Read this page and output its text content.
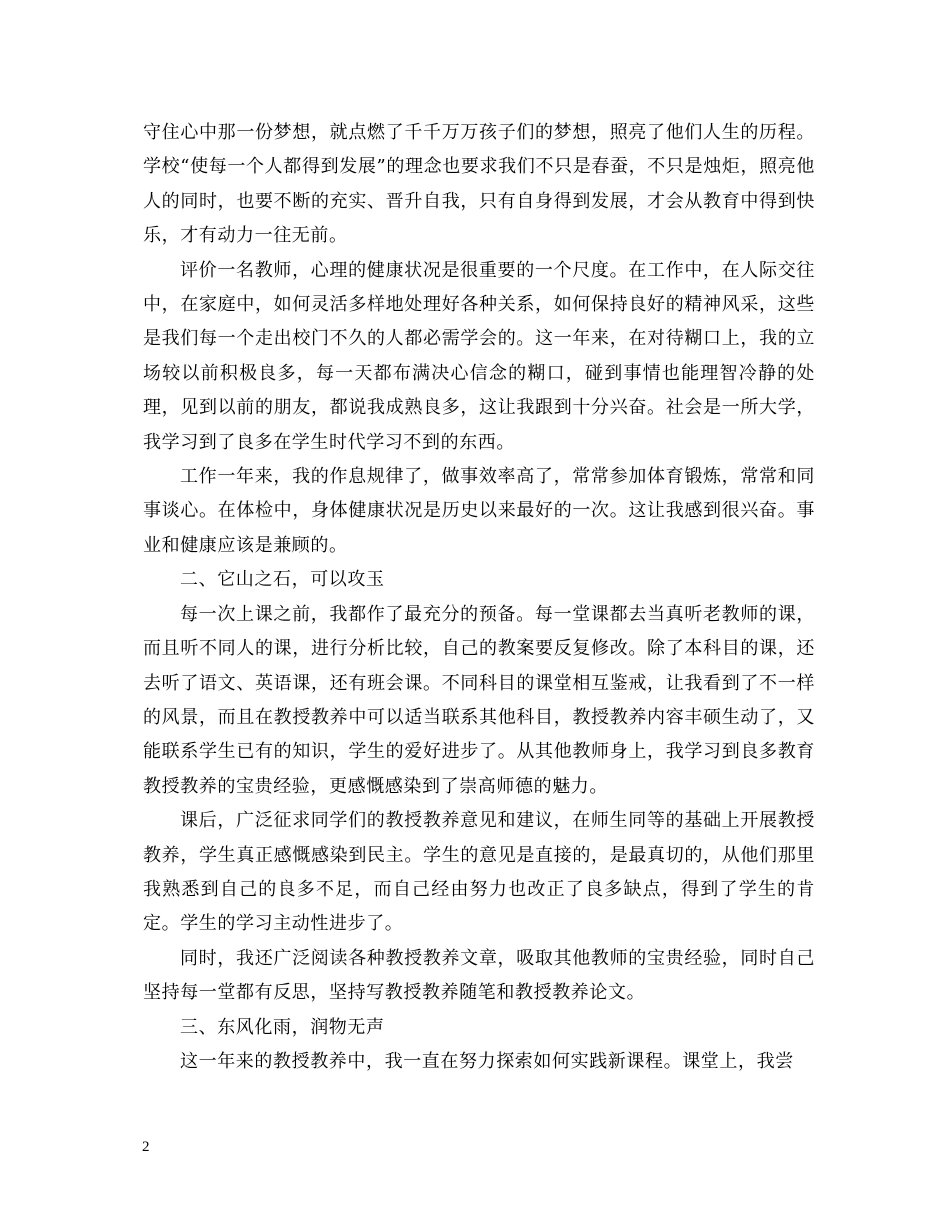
守住心中那一份梦想，就点燃了千千万万孩子们的梦想，照亮了他们人生的历程。学校“使每一个人都得到发展”的理念也要求我们不只是春蚕，不只是烛炬，照亮他人的同时，也要不断的充实、晋升自我，只有自身得到发展，才会从教育中得到快乐，才有动力一往无前。

评价一名教师，心理的健康状况是很重要的一个尺度。在工作中，在人际交往中，在家庭中，如何灵活多样地处理好各种关系，如何保持良好的精神风采，这些是我们每一个走出校门不久的人都必需学会的。这一年来，在对待糊口上，我的立场较以前积极良多，每一天都布满决心信念的糊口，碰到事情也能理智冷静的处理，见到以前的朋友，都说我成熟良多，这让我跟到十分兴奋。社会是一所大学，我学习到了良多在学生时代学习不到的东西。

工作一年来，我的作息规律了，做事效率高了，常常参加体育锻炼，常常和同事谈心。在体检中，身体健康状况是历史以来最好的一次。这让我感到很兴奋。事业和健康应该是兼顾的。

二、它山之石，可以攻玉

每一次上课之前，我都作了最充分的预备。每一堂课都去当真听老教师的课，而且听不同人的课，进行分析比较，自己的教案要反复修改。除了本科目的课，还去听了语文、英语课，还有班会课。不同科目的课堂相互鉴戒，让我看到了不一样的风景，而且在教授教养中可以适当联系其他科目，教授教养内容丰硕生动了，又能联系学生已有的知识，学生的爱好进步了。从其他教师身上，我学习到良多教育教授教养的宝贵经验，更感慨感染到了崇高师德的魅力。

课后，广泛征求同学们的教授教养意见和建议，在师生同等的基础上开展教授教养，学生真正感慨感染到民主。学生的意见是直接的，是最真切的，从他们那里我熟悉到自己的良多不足，而自己经由努力也改正了良多缺点，得到了学生的肯定。学生的学习主动性进步了。

同时，我还广泛阅读各种教授教养文章，吸取其他教师的宝贵经验，同时自己坚持每一堂都有反思，坚持写教授教养随笔和教授教养论文。

三、东风化雨，润物无声

这一年来的教授教养中，我一直在努力探索如何实践新课程。课堂上，我尝

2
